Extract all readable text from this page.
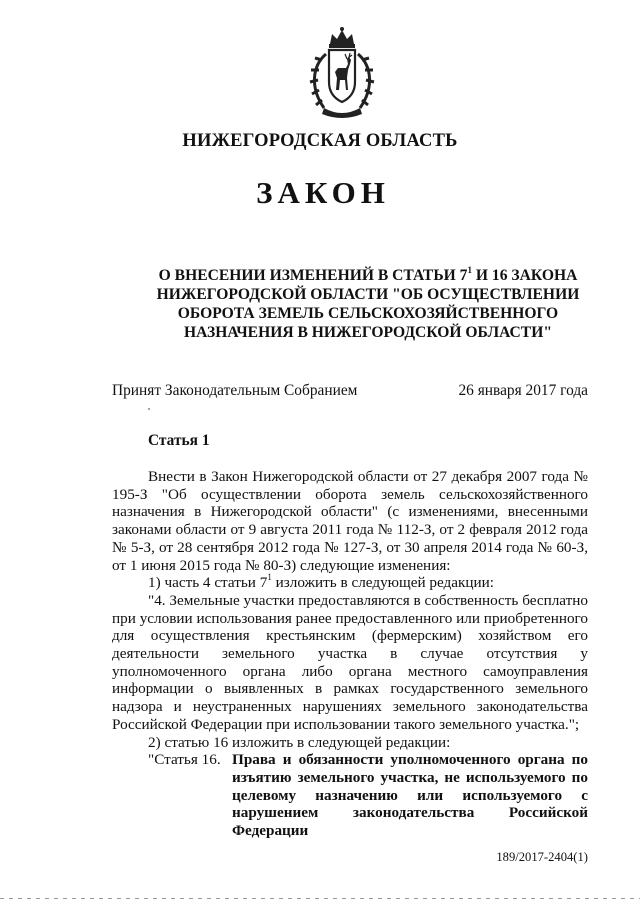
НИЖЕГОРОДСКАЯ ОБЛАСТЬ
ЗАКОН
О ВНЕСЕНИИ ИЗМЕНЕНИЙ В СТАТЬИ $7^1$ И 16 ЗАКОНА
НИЖЕГОРОДСКОЙ ОБЛАСТИ "ОБ ОСУЩЕСТВЛЕНИИ
ОБОРОТА ЗЕМЕЛЬ СЕЛЬСКОХОЗЯЙСТВЕННОГО
НАЗНАЧЕНИЯ В НИЖЕГОРОДСКОЙ ОБЛАСТИ"
Принят Законодательным Собранием	26 января 2017 года
Статья 1

Внести в Закон Нижегородской области от 27 декабря 2007 года № 195-З "Об осуществлении оборота земель сельскохозяйственного назначения в Нижегородской области" (с изменениями, внесенными законами области от 9 августа 2011 года № 112-З, от 2 февраля 2012 года № 5-З, от 28 сентября 2012 года № 127-З, от 30 апреля 2014 года № 60-З, от 1 июня 2015 года № 80-З) следующие изменения:

1) часть 4 статьи $7^1$ изложить в следующей редакции:

"4. Земельные участки предоставляются в собственность бесплатно при условии использования ранее предоставленного или приобретенного для осуществления крестьянским (фермерским) хозяйством его деятельности земельного участка в случае отсутствия у уполномоченного органа либо органа местного самоуправления информации о выявленных в рамках государственного земельного надзора и неустраненных нарушениях земельного законодательства Российской Федерации при использовании такого земельного участка.";

2) статью 16 изложить в следующей редакции:

"Статья 16. Права и обязанности уполномоченного органа по изъятию земельного участка, не используемого по целевому назначению или используемого с нарушением законодательства Российской Федерации
189/2017-2404(1)
